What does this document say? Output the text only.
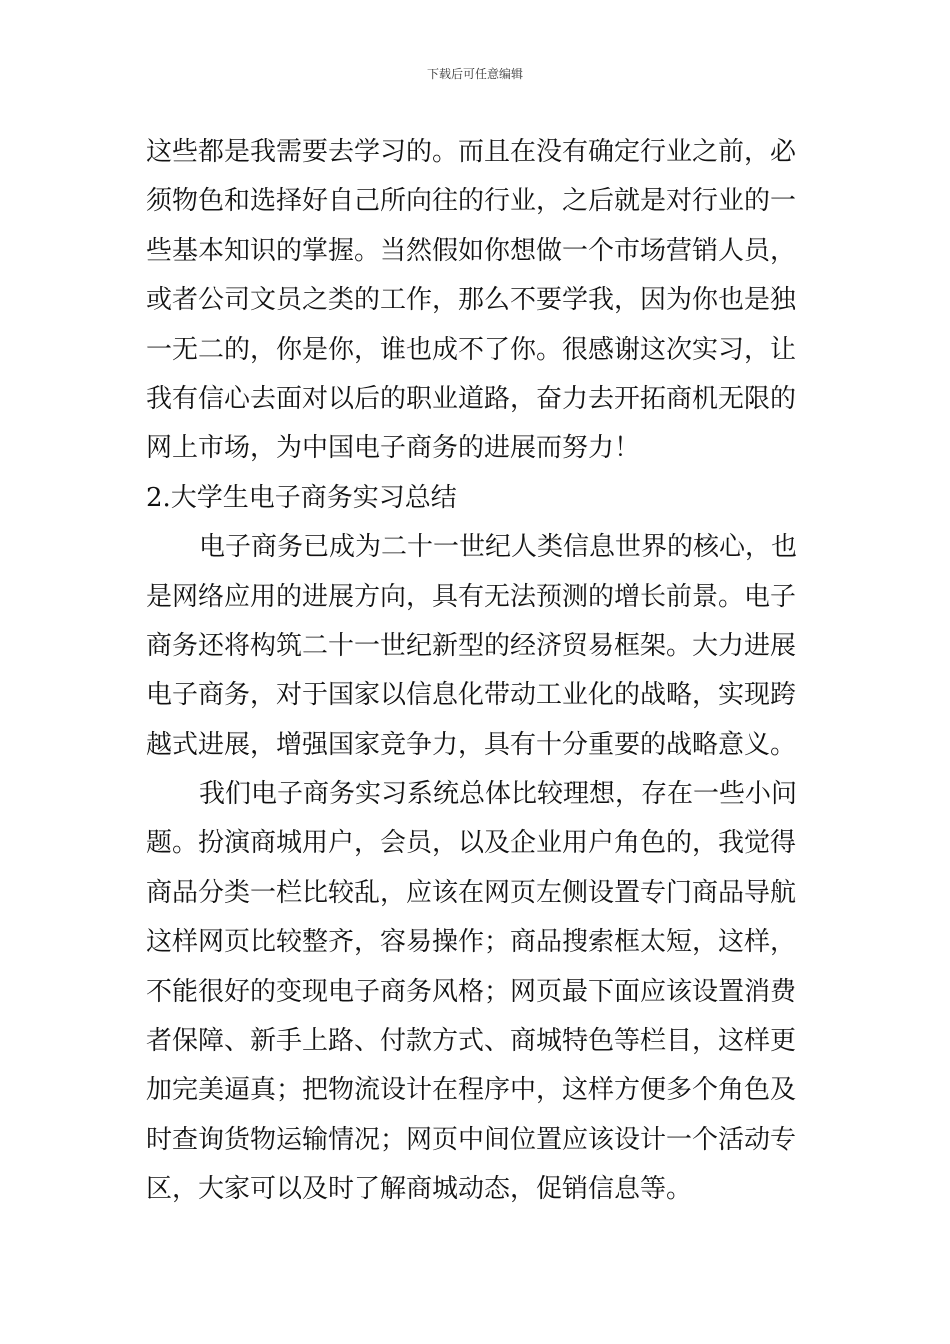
下载后可任意编辑
这些都是我需要去学习的。而且在没有确定行业之前，必
须物色和选择好自己所向往的行业，之后就是对行业的一
些基本知识的掌握。当然假如你想做一个市场营销人员，
或者公司文员之类的工作，那么不要学我，因为你也是独
一无二的，你是你，谁也成不了你。很感谢这次实习，让
我有信心去面对以后的职业道路，奋力去开拓商机无限的
网上市场，为中国电子商务的进展而努力！
2.大学生电子商务实习总结
电子商务已成为二十一世纪人类信息世界的核心，也
是网络应用的进展方向，具有无法预测的增长前景。电子
商务还将构筑二十一世纪新型的经济贸易框架。大力进展
电子商务，对于国家以信息化带动工业化的战略，实现跨
越式进展，增强国家竞争力，具有十分重要的战略意义。
我们电子商务实习系统总体比较理想，存在一些小问
题。扮演商城用户，会员，以及企业用户角色的，我觉得
商品分类一栏比较乱，应该在网页左侧设置专门商品导航
这样网页比较整齐，容易操作；商品搜索框太短，这样，
不能很好的变现电子商务风格；网页最下面应该设置消费
者保障、新手上路、付款方式、商城特色等栏目，这样更
加完美逼真；把物流设计在程序中，这样方便多个角色及
时查询货物运输情况；网页中间位置应该设计一个活动专
区，大家可以及时了解商城动态，促销信息等。
